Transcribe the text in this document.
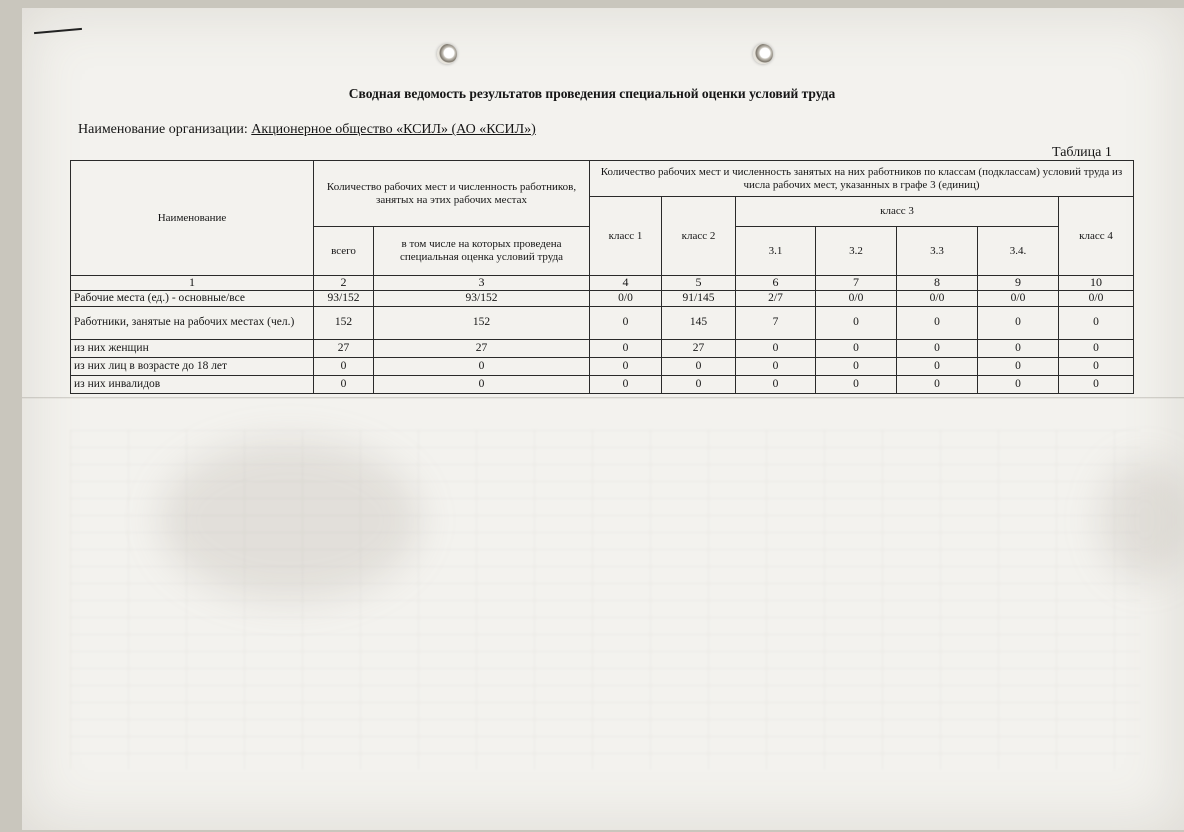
Сводная ведомость результатов проведения специальной оценки условий труда
Наименование организации: Акционерное общество «КСИЛ» (АО «КСИЛ»)
Таблица 1
Наименование	Количество рабочих мест и численность работников, занятых на этих рабочих местах		Количество рабочих мест и численность занятых на них работников по классам (подклассам) условий труда из числа рабочих мест, указанных в графе 3 (единиц)						
			класс 1	класс 2	класс 3				класс 4
	всего	в том числе на которых проведена специальная оценка условий труда			3.1	3.2	3.3	3.4.	
1	2	3	4	5	6	7	8	9	10
Рабочие места (ед.) - основные/все	93/152	93/152	0/0	91/145	2/7	0/0	0/0	0/0	0/0
Работники, занятые на рабочих местах (чел.)	152	152	0	145	7	0	0	0	0
из них женщин	27	27	0	27	0	0	0	0	0
из них лиц в возрасте до 18 лет	0	0	0	0	0	0	0	0	0
из них инвалидов	0	0	0	0	0	0	0	0	0
